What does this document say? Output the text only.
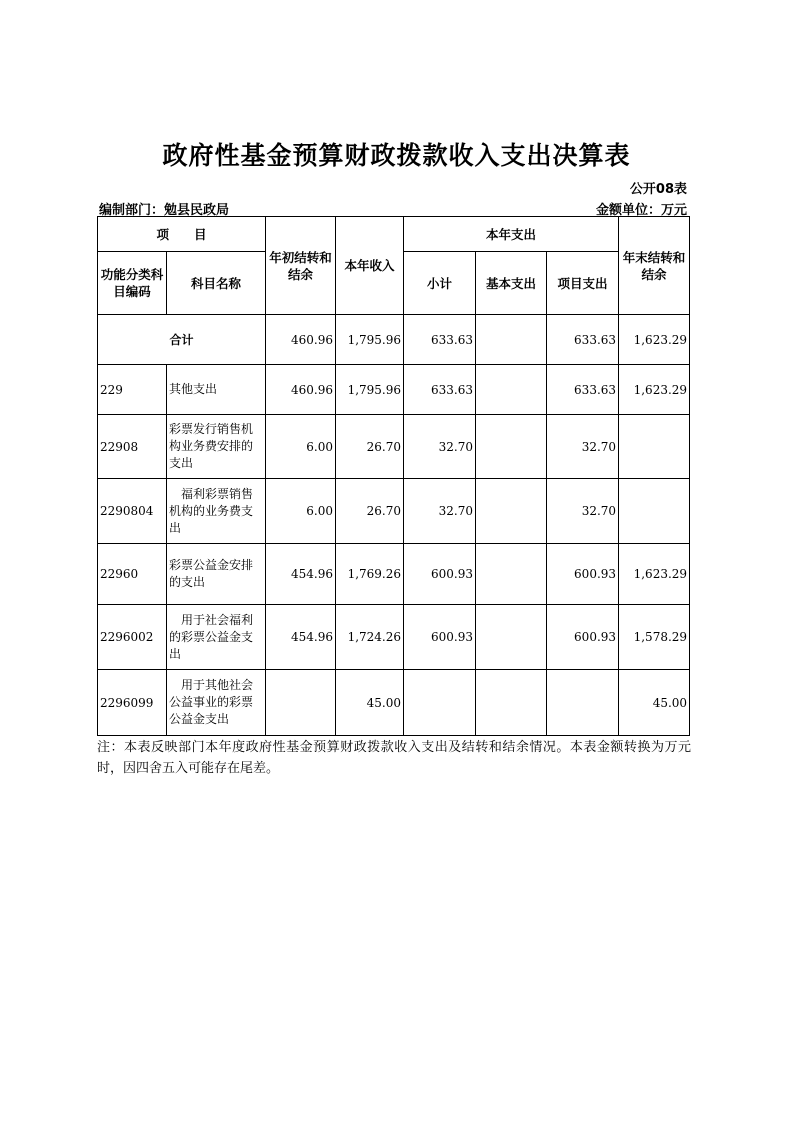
政府性基金预算财政拨款收入支出决算表
公开08表
编制部门：勉县民政局	金额单位：万元
项　　目		年初结转和结余	本年收入	本年支出			年末结转和结余
功能分类科目编码	科目名称			小计	基本支出	项目支出	
合计		460.96	1,795.96	633.63		633.63	1,623.29
229	其他支出	460.96	1,795.96	633.63		633.63	1,623.29
22908	彩票发行销售机构业务费安排的支出	6.00	26.70	32.70		32.70	
2290804	　福利彩票销售机构的业务费支出	6.00	26.70	32.70		32.70	
22960	彩票公益金安排的支出	454.96	1,769.26	600.93		600.93	1,623.29
2296002	　用于社会福利的彩票公益金支出	454.96	1,724.26	600.93		600.93	1,578.29
2296099	　用于其他社会公益事业的彩票公益金支出		45.00				45.00
注：本表反映部门本年度政府性基金预算财政拨款收入支出及结转和结余情况。本表金额转换为万元时，因四舍五入可能存在尾差。
